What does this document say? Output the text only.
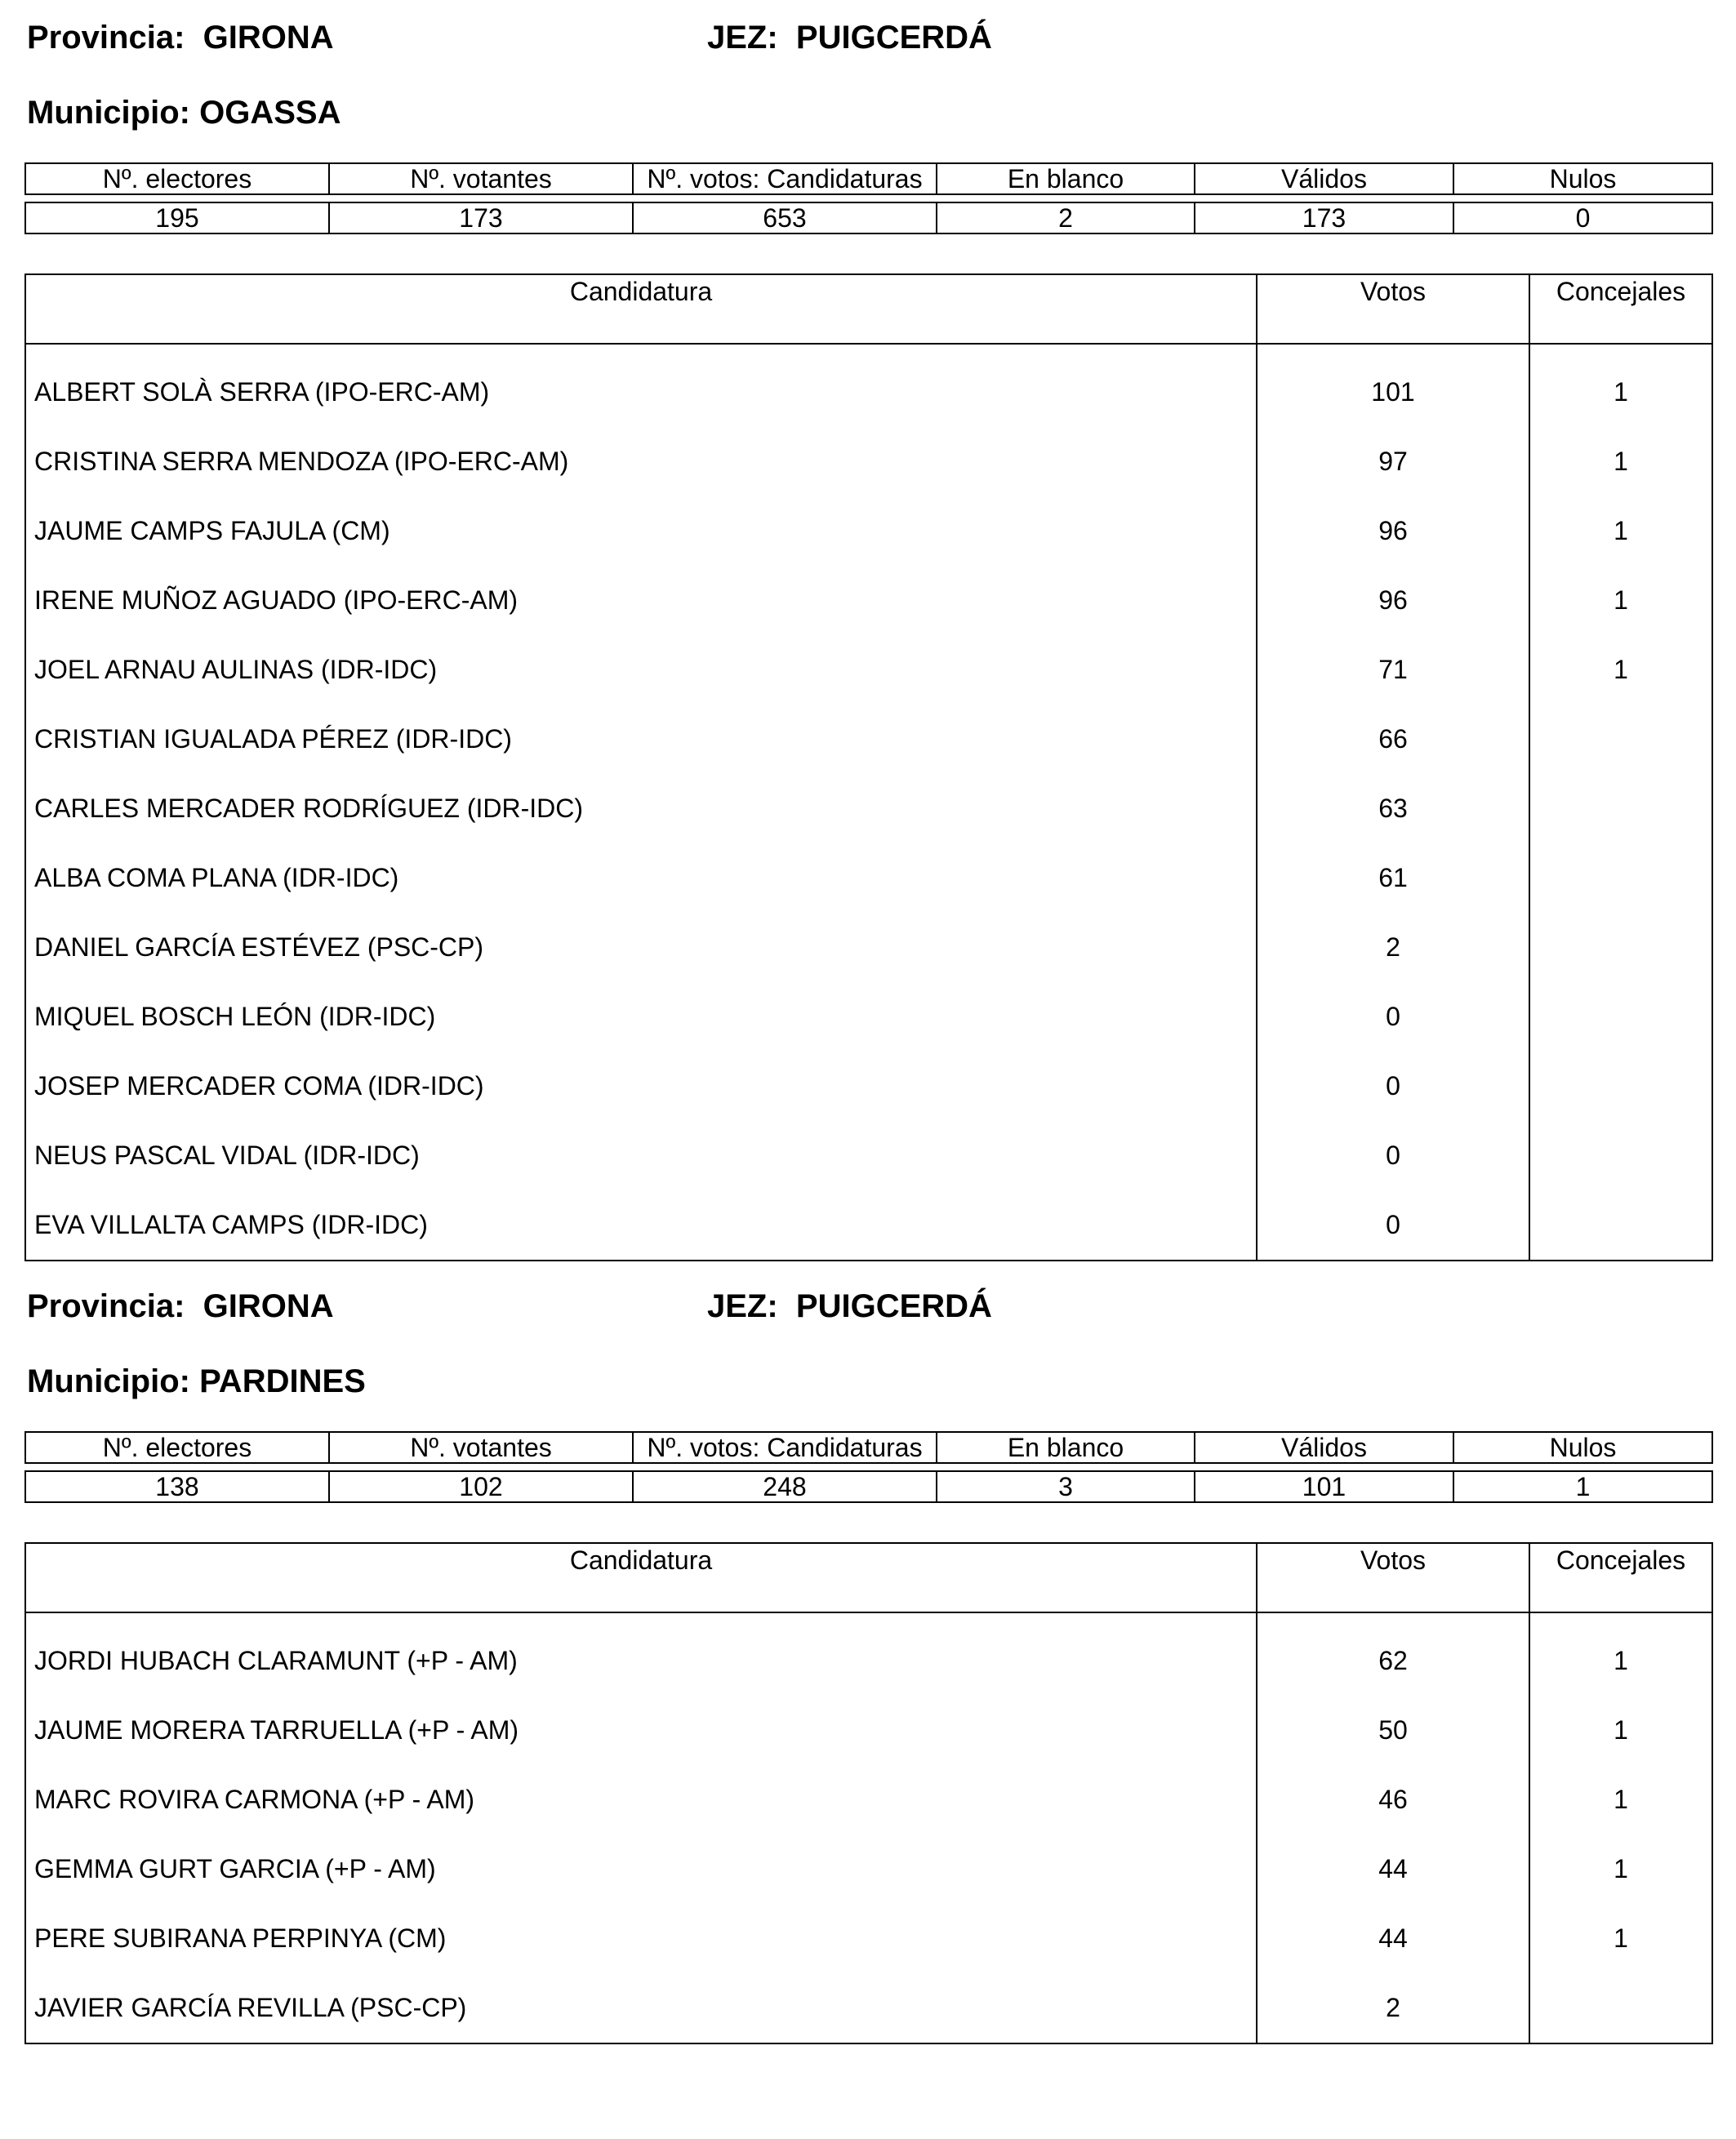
Provincia: GIRONA

	JEZ: PUIGCERDÁ

Municipio: OGASSA

Nº. electores	Nº. votantes	Nº. votos: Candidaturas	En blanco	Válidos	Nulos

195	173	653	2	173	0
Candidatura	Votos	Concejales
ALBERT SOLÀ SERRA (IPO-ERC-AM)	101	1
CRISTINA SERRA MENDOZA (IPO-ERC-AM)	97	1
JAUME CAMPS FAJULA (CM)	96	1
IRENE MUÑOZ AGUADO (IPO-ERC-AM)	96	1
JOEL ARNAU AULINAS (IDR-IDC)	71	1
CRISTIAN IGUALADA PÉREZ (IDR-IDC)	66	
CARLES MERCADER RODRÍGUEZ (IDR-IDC)	63	
ALBA COMA PLANA (IDR-IDC)	61	
DANIEL GARCÍA ESTÉVEZ (PSC-CP)	2	
MIQUEL BOSCH LEÓN (IDR-IDC)	0	
JOSEP MERCADER COMA (IDR-IDC)	0	
NEUS PASCAL VIDAL (IDR-IDC)	0	
EVA VILLALTA CAMPS (IDR-IDC)	0	

Provincia: GIRONA

	JEZ: PUIGCERDÁ

Municipio: PARDINES

Nº. electores	Nº. votantes	Nº. votos: Candidaturas	En blanco	Válidos	Nulos

138	102	248	3	101	1
Candidatura	Votos	Concejales
JORDI HUBACH CLARAMUNT (+P - AM)	62	1
JAUME MORERA TARRUELLA (+P - AM)	50	1
MARC ROVIRA CARMONA (+P - AM)	46	1
GEMMA GURT GARCIA (+P - AM)	44	1
PERE SUBIRANA PERPINYA (CM)	44	1
JAVIER GARCÍA REVILLA (PSC-CP)	2	
